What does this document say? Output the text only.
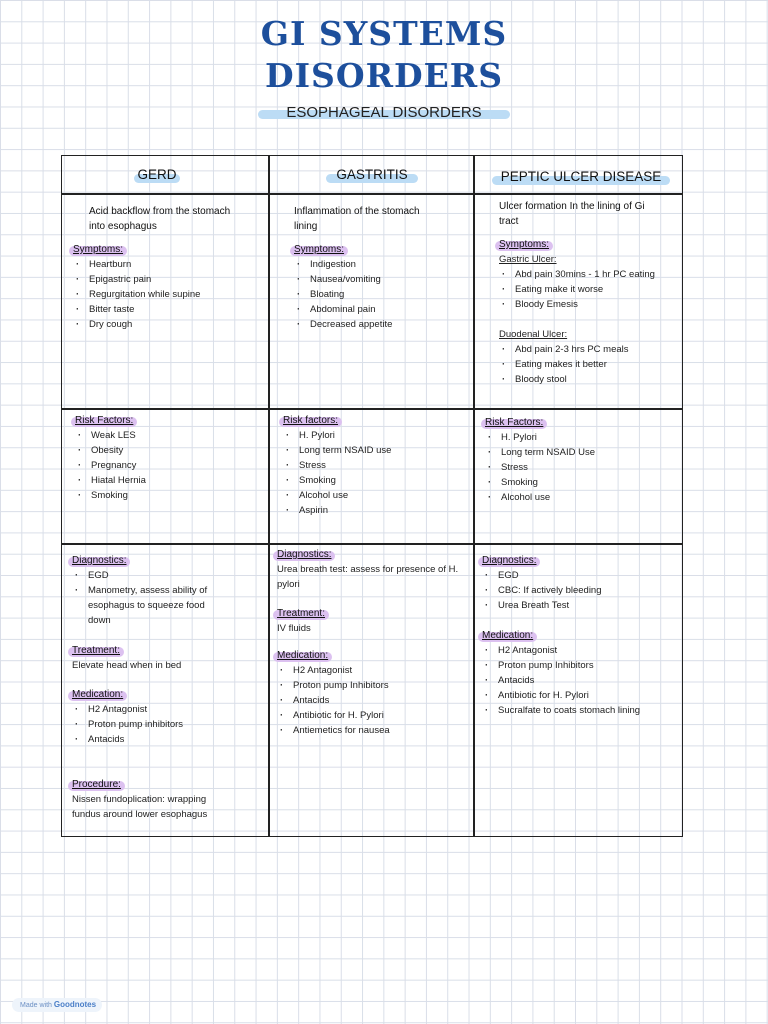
GI SYSTEMS
DISORDERS
ESOPHAGEAL DISORDERS
GERD	GASTRITIS	PEPTIC ULCER DISEASE
Acid backflow from the stomach into esophagus
Symptoms:
· Heartburn
· Epigastric pain
· Regurgitation while supine
· Bitter taste
· Dry cough
Inflammation of the stomach lining
Symptoms:
· Indigestion
· Nausea/vomiting
· Bloating
· Abdominal pain
· Decreased appetite
Ulcer formation In the lining of Gi tract
Symptoms:
Gastric Ulcer:
· Abd pain 30mins - 1 hr PC eating
· Eating make it worse
· Bloody Emesis
Duodenal Ulcer:
· Abd pain 2-3 hrs PC meals
· Eating makes it better
· Bloody stool
Risk Factors:
· Weak LES
· Obesity
· Pregnancy
· Hiatal Hernia
· Smoking
Risk factors:
· H. Pylori
· Long term NSAID use
· Stress
· Smoking
· Alcohol use
· Aspirin
Risk Factors:
· H. Pylori
· Long term NSAID Use
· Stress
· Smoking
· Alcohol use
Diagnostics:
· EGD
· Manometry, assess ability of esophagus to squeeze food down
Treatment:
Elevate head when in bed
Medication:
· H2 Antagonist
· Proton pump inhibitors
· Antacids
Procedure:
Nissen fundoplication: wrapping fundus around lower esophagus
Diagnostics:
Urea breath test: assess for presence of H. pylori
Treatment:
IV fluids
Medication:
· H2 Antagonist
· Proton pump Inhibitors
· Antacids
· Antibiotic for H. Pylori
· Antiemetics for nausea
Diagnostics:
· EGD
· CBC: If actively bleeding
· Urea Breath Test
Medication:
· H2 Antagonist
· Proton pump Inhibitors
· Antacids
· Antibiotic for H. Pylori
· Sucralfate to coats stomach lining
Made with Goodnotes
